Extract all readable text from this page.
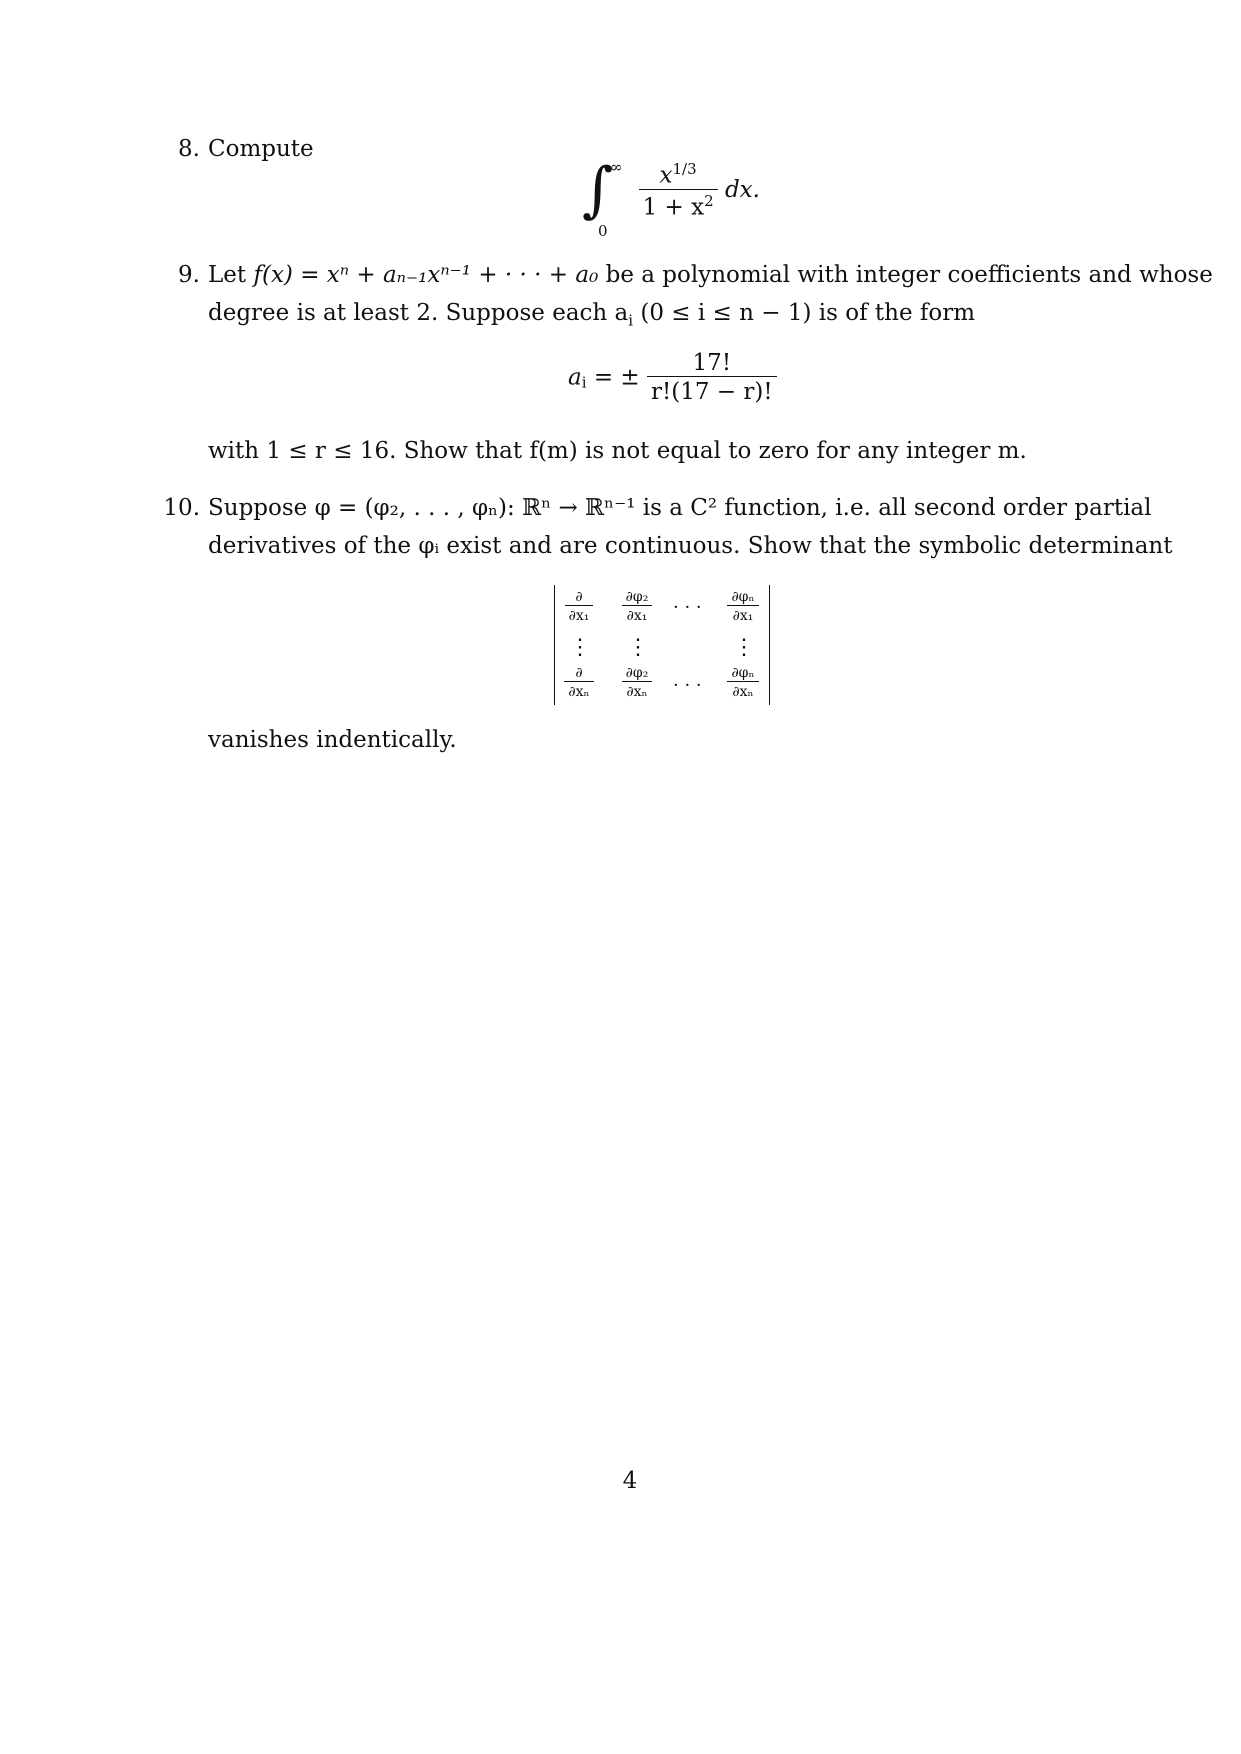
8. Compute
∫
∞
0
$\frac{x^{1/3}}{1 + x^2}$ dx.
9. Let f(x) = xⁿ + aₙ₋₁xⁿ⁻¹ + · · · + a₀ be a polynomial with integer coefficients and whose
degree is at least 2. Suppose each $a_i$ (0 ≤ i ≤ n − 1) is of the form
$a_i$ = ± $\frac{17!}{r!(17 - r)!}$
with 1 ≤ r ≤ 16. Show that f(m) is not equal to zero for any integer m.
10. Suppose φ = (φ₂, . . . , φₙ): ℝⁿ → ℝⁿ⁻¹ is a C² function, i.e. all second order partial
derivatives of the φᵢ exist and are continuous. Show that the symbolic determinant
$\frac{\partial}{\text{∂x₁}} \frac{\text{∂φ₂}}{\text{∂x₁}}$ · · · $\frac{\text{∂φₙ}}{\text{∂x₁}}$
⋮ ⋮	⋮
$\frac{\partial}{\text{∂xₙ}} \frac{\text{∂φ₂}}{\text{∂xₙ}}$ · · · $\frac{\text{∂φₙ}}{\text{∂xₙ}}$
vanishes indentically.
4
